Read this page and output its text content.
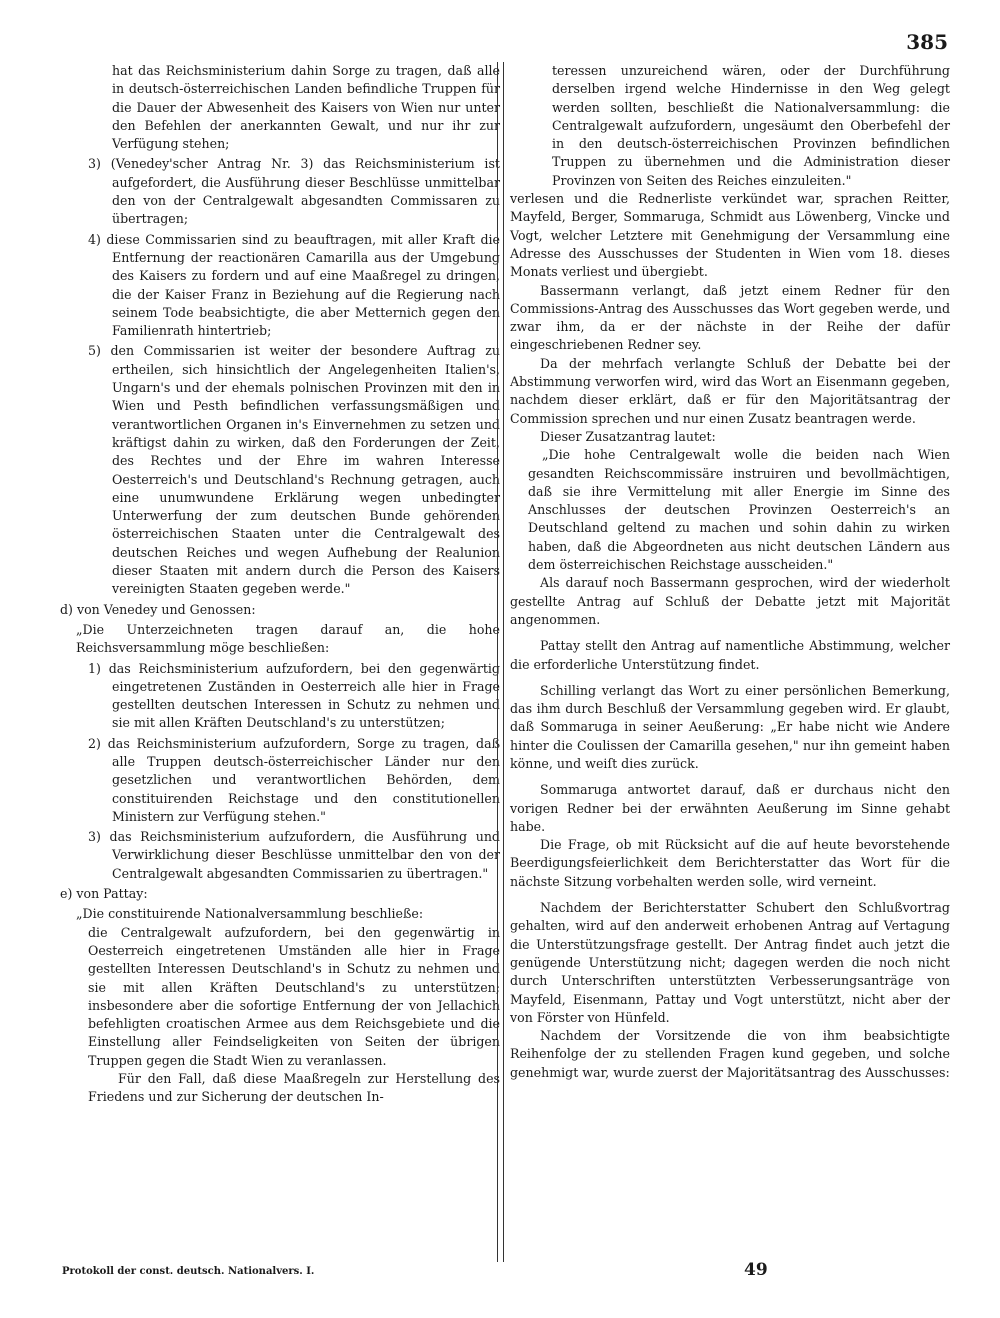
385

hat das Reichsministerium dahin Sorge zu tragen, daß alle in deutsch-österreichischen Landen befindliche Truppen für die Dauer der Abwesenheit des Kaisers von Wien nur unter den Befehlen der anerkannten Gewalt, und nur ihr zur Verfügung stehen;

3) (Venedey'scher Antrag Nr. 3) das Reichsministerium ist aufgefordert, die Ausführung dieser Beschlüsse unmittelbar den von der Centralgewalt abgesandten Commissaren zu übertragen;

4) diese Commissarien sind zu beauftragen, mit aller Kraft die Entfernung der reactionären Camarilla aus der Umgebung des Kaisers zu fordern und auf eine Maaßregel zu dringen, die der Kaiser Franz in Beziehung auf die Regierung nach seinem Tode beabsichtigte, die aber Metternich gegen den Familienrath hintertrieb;

5) den Commissarien ist weiter der besondere Auftrag zu ertheilen, sich hinsichtlich der Angelegenheiten Italien's, Ungarn's und der ehemals polnischen Provinzen mit den in Wien und Pesth befindlichen verfassungsmäßigen und verantwortlichen Organen in's Einvernehmen zu setzen und kräftigst dahin zu wirken, daß den Forderungen der Zeit, des Rechtes und der Ehre im wahren Interesse Oesterreich's und Deutschland's Rechnung getragen, auch eine unumwundene Erklärung wegen unbedingter Unterwerfung der zum deutschen Bunde gehörenden österreichischen Staaten unter die Centralgewalt des deutschen Reiches und wegen Aufhebung der Realunion dieser Staaten mit andern durch die Person des Kaisers vereinigten Staaten gegeben werde."

d) von Venedey und Genossen:

„Die Unterzeichneten tragen darauf an, die hohe Reichsversammlung möge beschließen:

1) das Reichsministerium aufzufordern, bei den gegenwärtig eingetretenen Zuständen in Oesterreich alle hier in Frage gestellten deutschen Interessen in Schutz zu nehmen und sie mit allen Kräften Deutschland's zu unterstützen;

2) das Reichsministerium aufzufordern, Sorge zu tragen, daß alle Truppen deutsch-österreichischer Länder nur den gesetzlichen und verantwortlichen Behörden, dem constituirenden Reichstage und den constitutionellen Ministern zur Verfügung stehen."

3) das Reichsministerium aufzufordern, die Ausführung und Verwirklichung dieser Beschlüsse unmittelbar den von der Centralgewalt abgesandten Commissarien zu übertragen."

e) von Pattay:

„Die constituirende Nationalversammlung beschließe:

die Centralgewalt aufzufordern, bei den gegenwärtig in Oesterreich eingetretenen Umständen alle hier in Frage gestellten Interessen Deutschland's in Schutz zu nehmen und sie mit allen Kräften Deutschland's zu unterstützen; insbesondere aber die sofortige Entfernung der von Jellachich befehligten croatischen Armee aus dem Reichsgebiete und die Einstellung aller Feindseligkeiten von Seiten der übrigen Truppen gegen die Stadt Wien zu veranlassen.

Für den Fall, daß diese Maaßregeln zur Herstellung des Friedens und zur Sicherung der deutschen In-

teressen unzureichend wären, oder der Durchführung derselben irgend welche Hindernisse in den Weg gelegt werden sollten, beschließt die Nationalversammlung: die Centralgewalt aufzufordern, ungesäumt den Oberbefehl der in den deutsch-österreichischen Provinzen befindlichen Truppen zu übernehmen und die Administration dieser Provinzen von Seiten des Reiches einzuleiten."

verlesen und die Rednerliste verkündet war, sprachen Reitter, Mayfeld, Berger, Sommaruga, Schmidt aus Löwenberg, Vincke und Vogt, welcher Letztere mit Genehmigung der Versammlung eine Adresse des Ausschusses der Studenten in Wien vom 18. dieses Monats verliest und übergiebt.

Bassermann verlangt, daß jetzt einem Redner für den Commissions-Antrag des Ausschusses das Wort gegeben werde, und zwar ihm, da er der nächste in der Reihe der dafür eingeschriebenen Redner sey.

Da der mehrfach verlangte Schluß der Debatte bei der Abstimmung verworfen wird, wird das Wort an Eisenmann gegeben, nachdem dieser erklärt, daß er für den Majoritätsantrag der Commission sprechen und nur einen Zusatz beantragen werde.

Dieser Zusatzantrag lautet:

„Die hohe Centralgewalt wolle die beiden nach Wien gesandten Reichscommissäre instruiren und bevollmächtigen, daß sie ihre Vermittelung mit aller Energie im Sinne des Anschlusses der deutschen Provinzen Oesterreich's an Deutschland geltend zu machen und sohin dahin zu wirken haben, daß die Abgeordneten aus nicht deutschen Ländern aus dem österreichischen Reichstage ausscheiden."

Als darauf noch Bassermann gesprochen, wird der wiederholt gestellte Antrag auf Schluß der Debatte jetzt mit Majorität angenommen.

Pattay stellt den Antrag auf namentliche Abstimmung, welcher die erforderliche Unterstützung findet.

Schilling verlangt das Wort zu einer persönlichen Bemerkung, das ihm durch Beschluß der Versammlung gegeben wird. Er glaubt, daß Sommaruga in seiner Aeußerung: „Er habe nicht wie Andere hinter die Coulissen der Camarilla gesehen," nur ihn gemeint haben könne, und weiſt dies zurück.

Sommaruga antwortet darauf, daß er durchaus nicht den vorigen Redner bei der erwähnten Aeußerung im Sinne gehabt habe.

Die Frage, ob mit Rücksicht auf die auf heute bevorstehende Beerdigungsfeierlichkeit dem Berichterstatter das Wort für die nächste Sitzung vorbehalten werden solle, wird verneint.

Nachdem der Berichterstatter Schubert den Schlußvortrag gehalten, wird auf den anderweit erhobenen Antrag auf Vertagung die Unterstützungsfrage gestellt. Der Antrag findet auch jetzt die genügende Unterstützung nicht; dagegen werden die noch nicht durch Unterschriften unterstützten Verbesserungsanträge von Mayfeld, Eisenmann, Pattay und Vogt unterstützt, nicht aber der von Förster von Hünfeld.

Nachdem der Vorsitzende die von ihm beabsichtigte Reihenfolge der zu stellenden Fragen kund gegeben, und solche genehmigt war, wurde zuerst der Majoritätsantrag des Ausschusses:

Protokoll der const. deutsch. Nationalvers. I.	49
